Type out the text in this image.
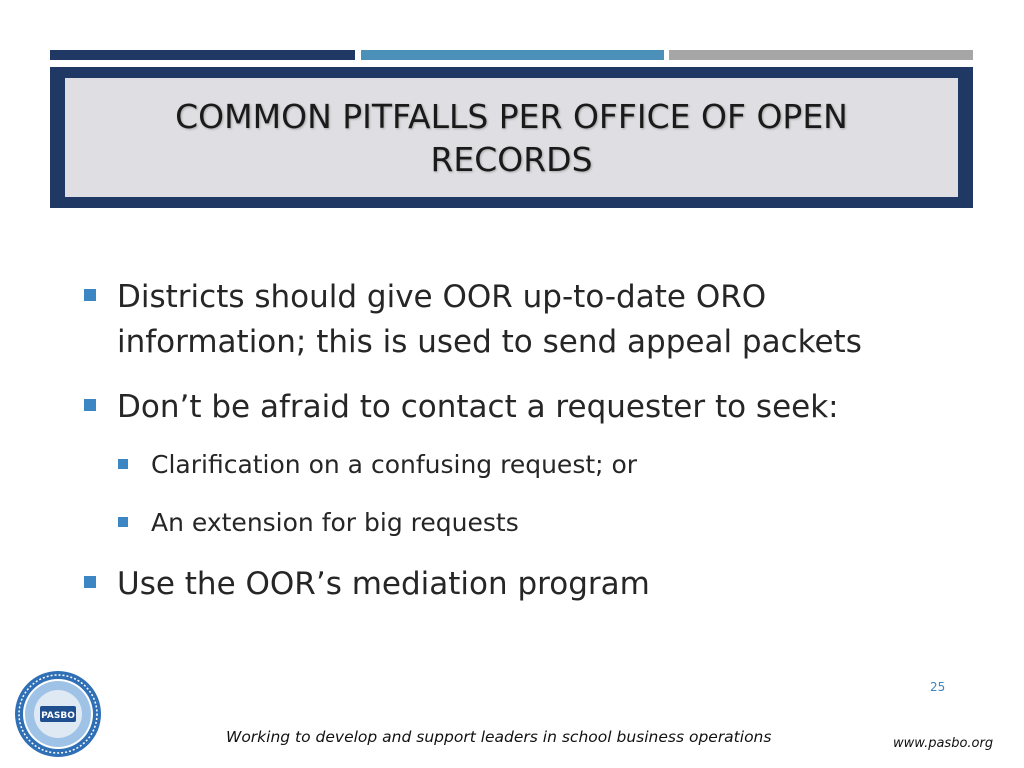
COMMON PITFALLS PER OFFICE OF OPEN RECORDS
Districts should give OOR up-to-date ORO information; this is used to send appeal packets
Don’t be afraid to contact a requester to seek:
Clarification on a confusing request; or
An extension for big requests
Use the OOR’s mediation program
PASBO
25
Working to develop and support leaders in school business operations	www.pasbo.org
